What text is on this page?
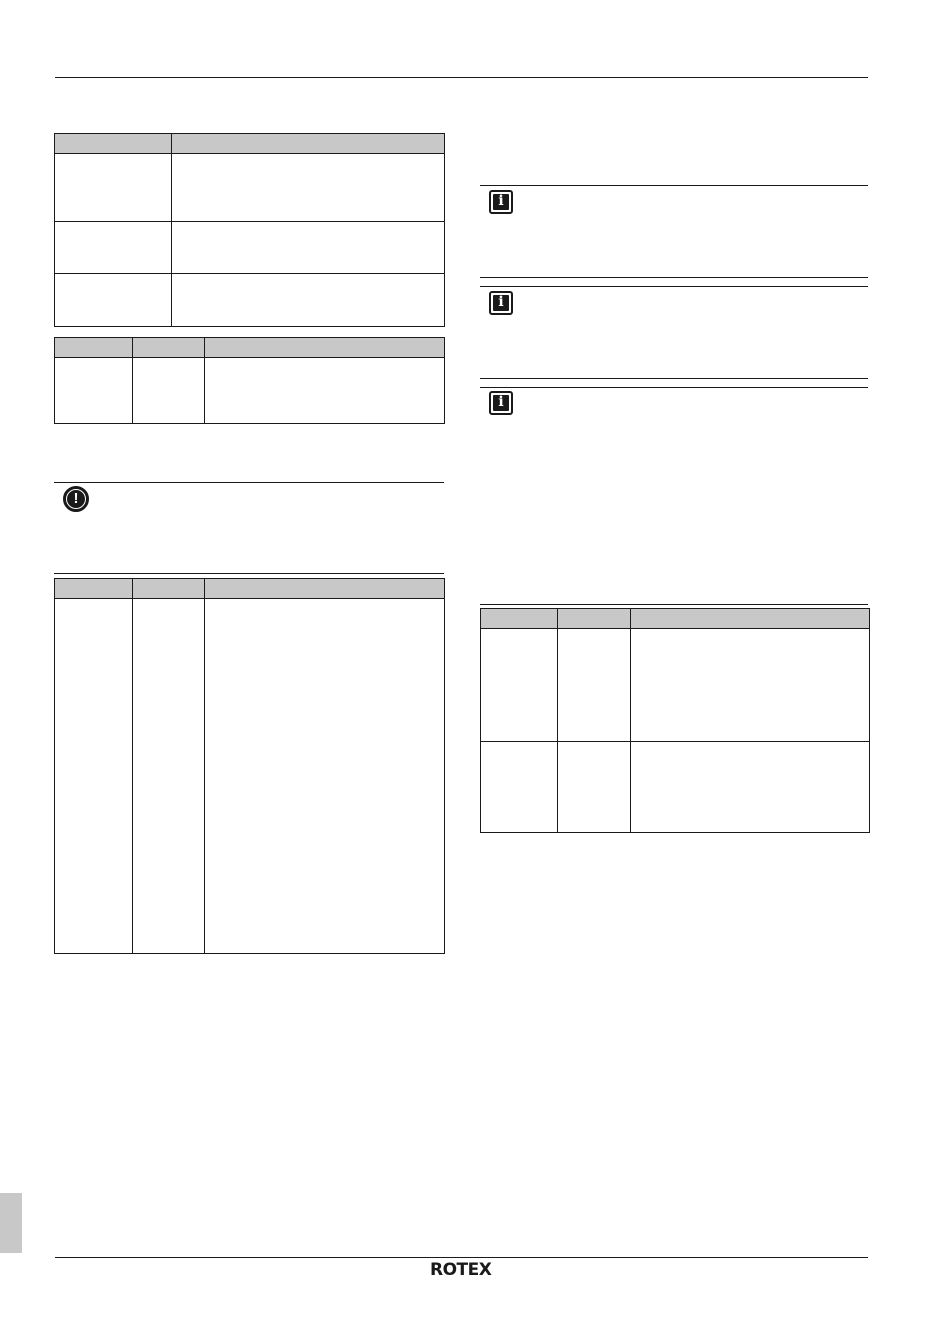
!

i
i
i

ROTEX
